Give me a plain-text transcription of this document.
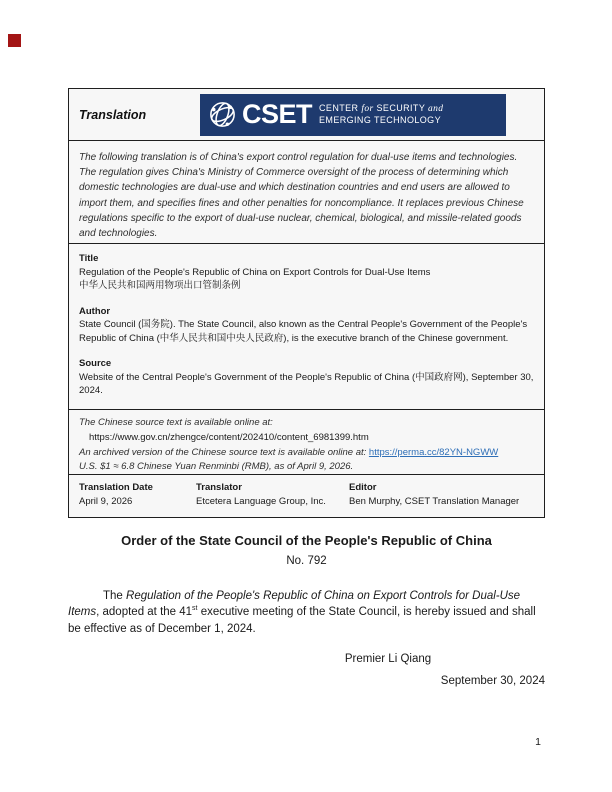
Translation	CSET CENTER for SECURITY and
EMERGING TECHNOLOGY
The following translation is of China's export control regulation for dual-use items and technologies. The regulation gives China's Ministry of Commerce oversight of the process of determining which domestic technologies are dual-use and which destination countries and end users are allowed to import them, and specifies fines and other penalties for noncompliance. It replaces previous Chinese regulations specific to the export of dual-use nuclear, chemical, biological, and missile-related goods and technologies.
Title
Regulation of the People's Republic of China on Export Controls for Dual-Use Items
中华人民共和国两用物项出口管制条例
Author
State Council (国务院). The State Council, also known as the Central People's Government of the People's Republic of China (中华人民共和国中央人民政府), is the executive branch of the Chinese government.
Source
Website of the Central People's Government of the People's Republic of China (中国政府网), September 30, 2024.
The Chinese source text is available online at:
https://www.gov.cn/zhengce/content/202410/content_6981399.htm
An archived version of the Chinese source text is available online at: https://perma.cc/82YN-NGWW
U.S. $1 ≈ 6.8 Chinese Yuan Renminbi (RMB), as of April 9, 2026.
Translation Date
April 9, 2026
Translator
Etcetera Language Group, Inc.
Editor
Ben Murphy, CSET Translation Manager
Order of the State Council of the People's Republic of China
No. 792
The Regulation of the People's Republic of China on Export Controls for Dual-Use Items, adopted at the 41st executive meeting of the State Council, is hereby issued and shall be effective as of December 1, 2024.
Premier Li Qiang
September 30, 2024
1
